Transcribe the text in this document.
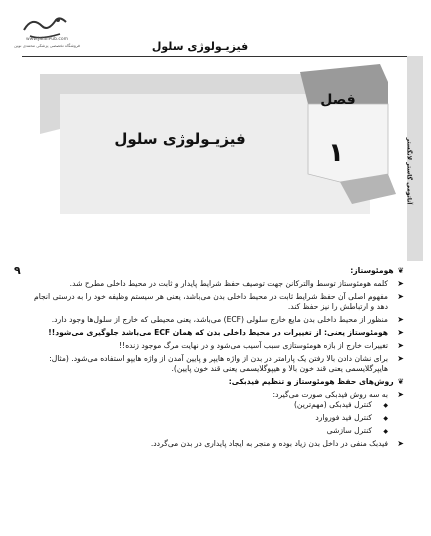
www.JalaliPub.com
فروشگاه تخصصی پزشکی محمدی نوین	فیزیـولوژی سلول
آناتومی گاستر لانگستر
فصل
۱
فیزیـولوژی سلول
۹	❦
هومئوستاز:
➤
کلمه هومئوستاز توسط والترکانن جهت توصیف حفظ شرایط پایدار و ثابت در محیط داخلی مطرح شد.
➤
مفهوم اصلی آن حفظ شرایط ثابت در محیط داخلی بدن می‌باشد، یعنی هر سیستم وظیفه خود را به درستی انجام دهد و ارتباطش را نیز حفظ کند.
➤
منظور از محیط داخلی بدن مایع خارج سلولی (ECF) می‌باشد، یعنی محیطی که خارج از سلول‌ها وجود دارد.
➤
هومئوستاز یعنی: از تغییرات در محیط داخلی بدن که همان ECF می‌باشد جلوگیری می‌شود!!
➤
تغییرات خارج از بازه هومئوستازی سبب آسیب می‌شود و در نهایت مرگ موجود زنده!!
➤
برای نشان دادن بالا رفتن یک پارامتر در بدن از واژه هایپر و پایین آمدن از واژه هایپو استفاده می‌شود. (مثال: هایپرگلایسمی یعنی قند خون بالا و هیپوگلایسمی یعنی قند خون پایین).
❦
روش‌های حفظ هومئوستاز و تنظیم فیدبکی:
➤
به سه روش فیدبکی صورت می‌گیرد:
◆
کنترل فیدبکی (مهم‌ترین)
◆
کنترل فید فوروارد
◆
کنترل سازشی
➤
فیدبک منفی در داخل بدن زیاد بوده و منجر به ایجاد پایداری در بدن می‌گردد.
